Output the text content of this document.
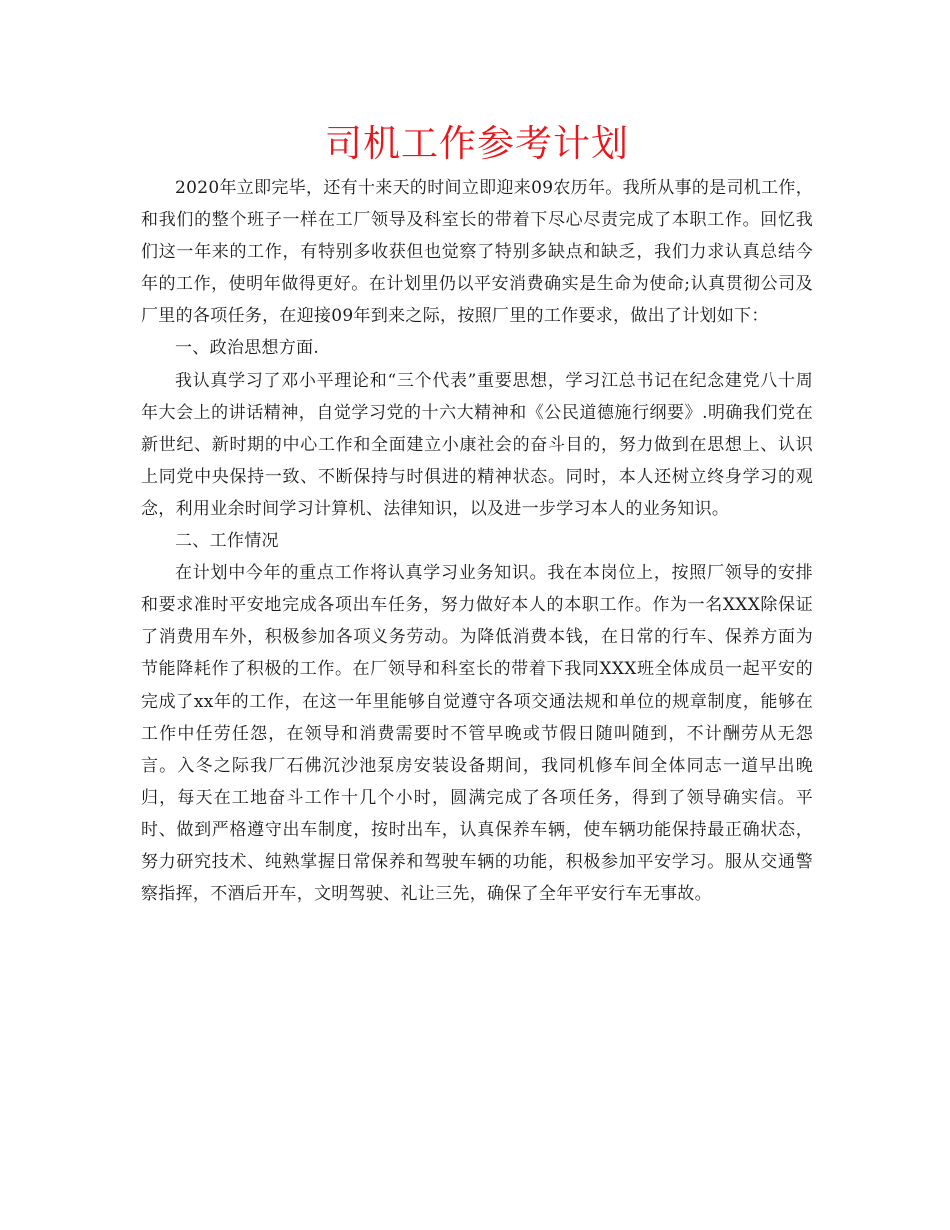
司机工作参考计划

2020年立即完毕，还有十来天的时间立即迎来09农历年。我所从事的是司机工作，和我们的整个班子一样在工厂领导及科室长的带着下尽心尽责完成了本职工作。回忆我们这一年来的工作，有特别多收获但也觉察了特别多缺点和缺乏，我们力求认真总结今年的工作，使明年做得更好。在计划里仍以平安消费确实是生命为使命;认真贯彻公司及厂里的各项任务，在迎接09年到来之际，按照厂里的工作要求，做出了计划如下：

一、政治思想方面.

我认真学习了邓小平理论和“三个代表”重要思想，学习江总书记在纪念建党八十周年大会上的讲话精神，自觉学习党的十六大精神和《公民道德施行纲要》.明确我们党在新世纪、新时期的中心工作和全面建立小康社会的奋斗目的，努力做到在思想上、认识上同党中央保持一致、不断保持与时俱进的精神状态。同时，本人还树立终身学习的观念，利用业余时间学习计算机、法律知识，以及进一步学习本人的业务知识。

二、工作情况

在计划中今年的重点工作将认真学习业务知识。我在本岗位上，按照厂领导的安排和要求准时平安地完成各项出车任务，努力做好本人的本职工作。作为一名XXX除保证了消费用车外，积极参加各项义务劳动。为降低消费本钱，在日常的行车、保养方面为节能降耗作了积极的工作。在厂领导和科室长的带着下我同XXX班全体成员一起平安的完成了xx年的工作，在这一年里能够自觉遵守各项交通法规和单位的规章制度，能够在工作中任劳任怨，在领导和消费需要时不管早晚或节假日随叫随到，不计酬劳从无怨言。入冬之际我厂石佛沉沙池泵房安装设备期间，我同机修车间全体同志一道早出晚归，每天在工地奋斗工作十几个小时，圆满完成了各项任务，得到了领导确实信。平时、做到严格遵守出车制度，按时出车，认真保养车辆，使车辆功能保持最正确状态，努力研究技术、纯熟掌握日常保养和驾驶车辆的功能，积极参加平安学习。服从交通警察指挥，不酒后开车，文明驾驶、礼让三先，确保了全年平安行车无事故。
